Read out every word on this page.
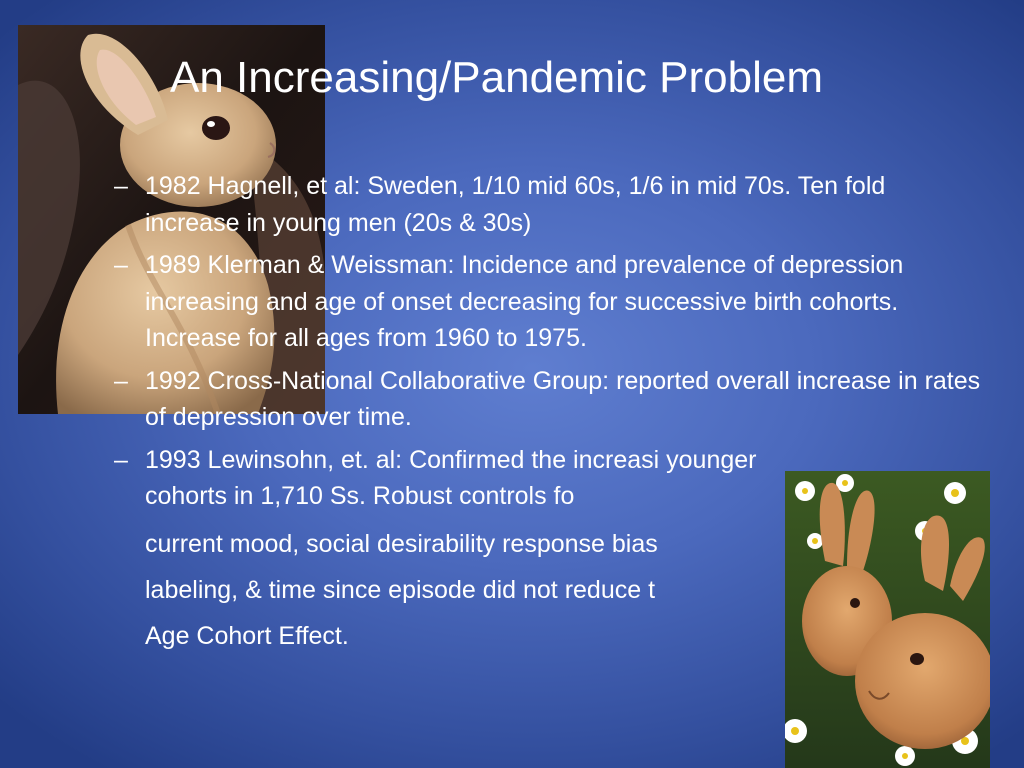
An Increasing/Pandemic Problem
– 1982 Hagnell, et al: Sweden, 1/10 mid 60s, 1/6 in mid 70s. Ten fold increase in young men (20s & 30s)
– 1989 Klerman & Weissman: Incidence and prevalence of depression increasing and age of onset decreasing for successive birth cohorts. Increase for all ages from 1960 to 1975.
– 1992 Cross-National Collaborative Group: reported overall increase in rates of depression over time.
– 1993 Lewinsohn, et. al: Confirmed the increasi younger cohorts in 1,710 Ss. Robust controls fo
current mood, social desirability response bias
labeling, & time since episode did not reduce t
Age Cohort Effect.
